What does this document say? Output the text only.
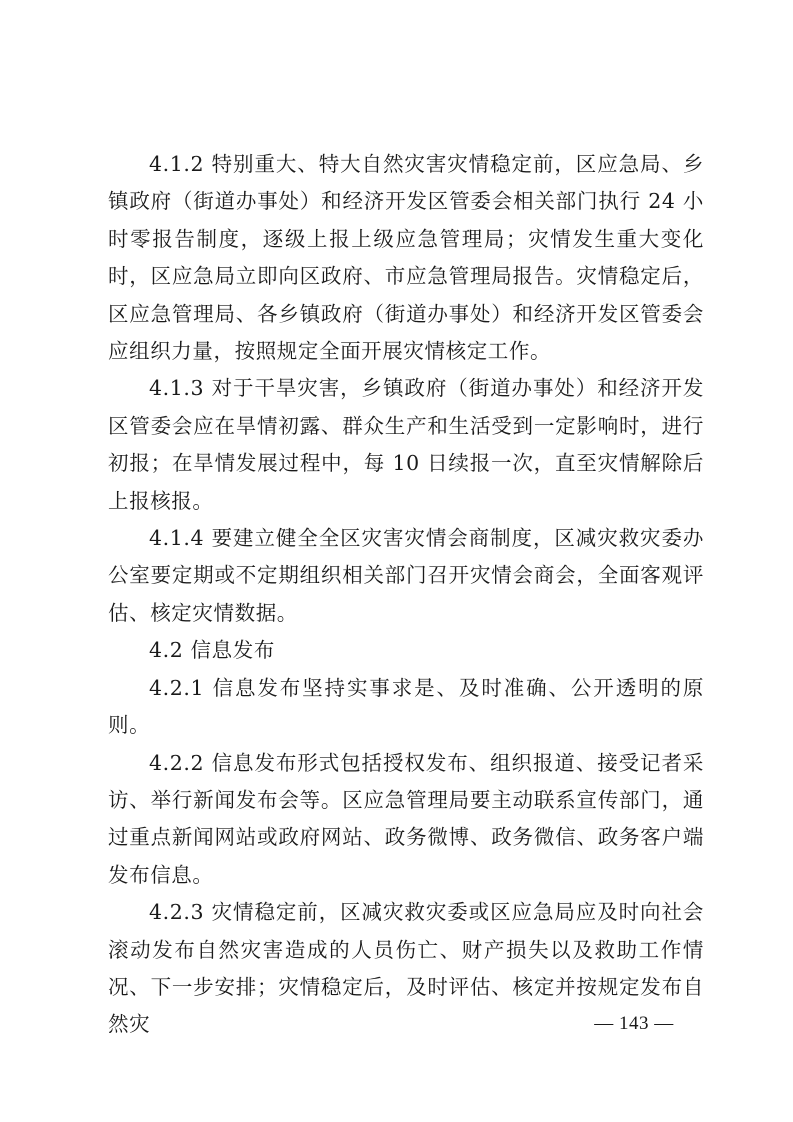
4.1.2 特别重大、特大自然灾害灾情稳定前，区应急局、乡镇政府（街道办事处）和经济开发区管委会相关部门执行 24 小时零报告制度，逐级上报上级应急管理局；灾情发生重大变化时，区应急局立即向区政府、市应急管理局报告。灾情稳定后，区应急管理局、各乡镇政府（街道办事处）和经济开发区管委会应组织力量，按照规定全面开展灾情核定工作。

4.1.3 对于干旱灾害，乡镇政府（街道办事处）和经济开发区管委会应在旱情初露、群众生产和生活受到一定影响时，进行初报；在旱情发展过程中，每 10 日续报一次，直至灾情解除后上报核报。

4.1.4 要建立健全全区灾害灾情会商制度，区减灾救灾委办公室要定期或不定期组织相关部门召开灾情会商会，全面客观评估、核定灾情数据。

4.2 信息发布

4.2.1 信息发布坚持实事求是、及时准确、公开透明的原则。

4.2.2 信息发布形式包括授权发布、组织报道、接受记者采访、举行新闻发布会等。区应急管理局要主动联系宣传部门，通过重点新闻网站或政府网站、政务微博、政务微信、政务客户端发布信息。

4.2.3 灾情稳定前，区减灾救灾委或区应急局应及时向社会滚动发布自然灾害造成的人员伤亡、财产损失以及救助工作情况、下一步安排；灾情稳定后，及时评估、核定并按规定发布自然灾	— 143 —
